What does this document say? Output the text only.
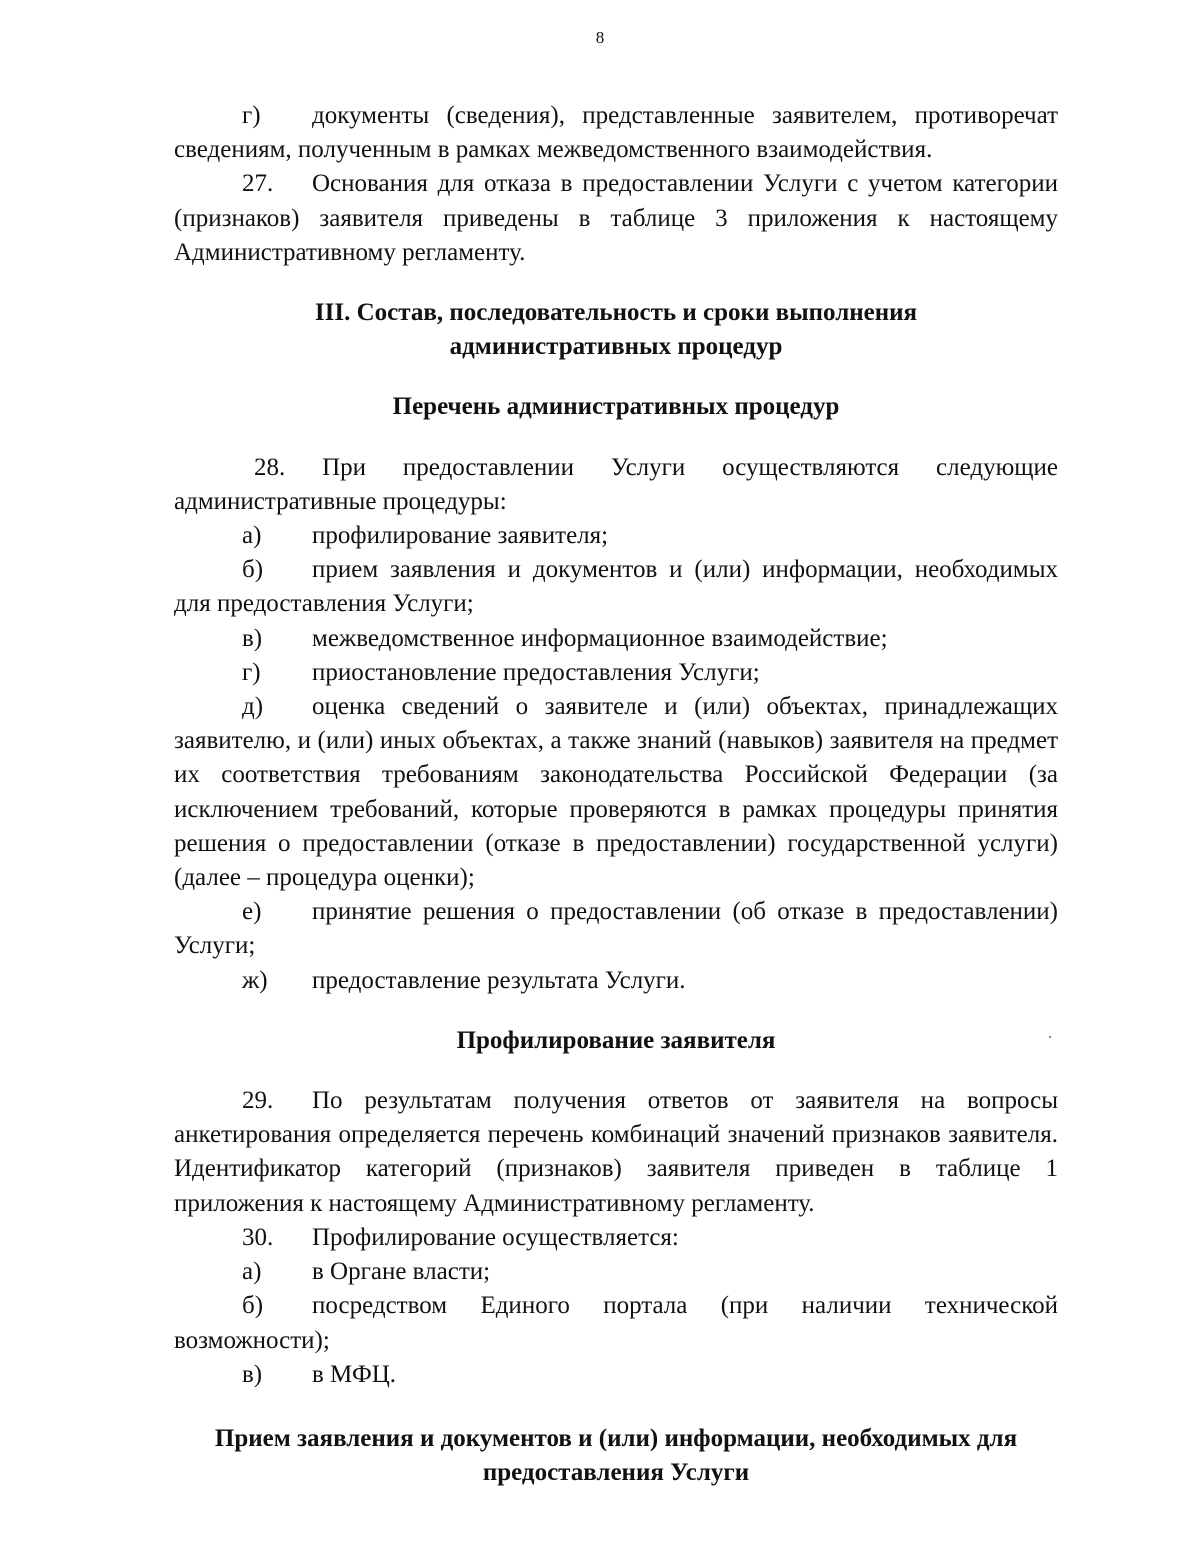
8

г) документы (сведения), представленные заявителем, противоречат сведениям, полученным в рамках межведомственного взаимодействия.

27. Основания для отказа в предоставлении Услуги с учетом категории (признаков) заявителя приведены в таблице 3 приложения к настоящему Административному регламенту.

III. Состав, последовательность и сроки выполнения
административных процедур

Перечень административных процедур

28. При предоставлении Услуги осуществляются следующие административные процедуры:

а) профилирование заявителя;

б) прием заявления и документов и (или) информации, необходимых для предоставления Услуги;

в) межведомственное информационное взаимодействие;

г) приостановление предоставления Услуги;

д) оценка сведений о заявителе и (или) объектах, принадлежащих заявителю, и (или) иных объектах, а также знаний (навыков) заявителя на предмет их соответствия требованиям законодательства Российской Федерации (за исключением требований, которые проверяются в рамках процедуры принятия решения о предоставлении (отказе в предоставлении) государственной услуги) (далее – процедура оценки);

е) принятие решения о предоставлении (об отказе в предоставлении) Услуги;

ж) предоставление результата Услуги.

Профилирование заявителя

29. По результатам получения ответов от заявителя на вопросы анкетирования определяется перечень комбинаций значений признаков заявителя. Идентификатор категорий (признаков) заявителя приведен в таблице 1 приложения к настоящему Административному регламенту.

30. Профилирование осуществляется:

а) в Органе власти;

б) посредством Единого портала (при наличии технической возможности);

в) в МФЦ.

Прием заявления и документов и (или) информации, необходимых для
предоставления Услуги
